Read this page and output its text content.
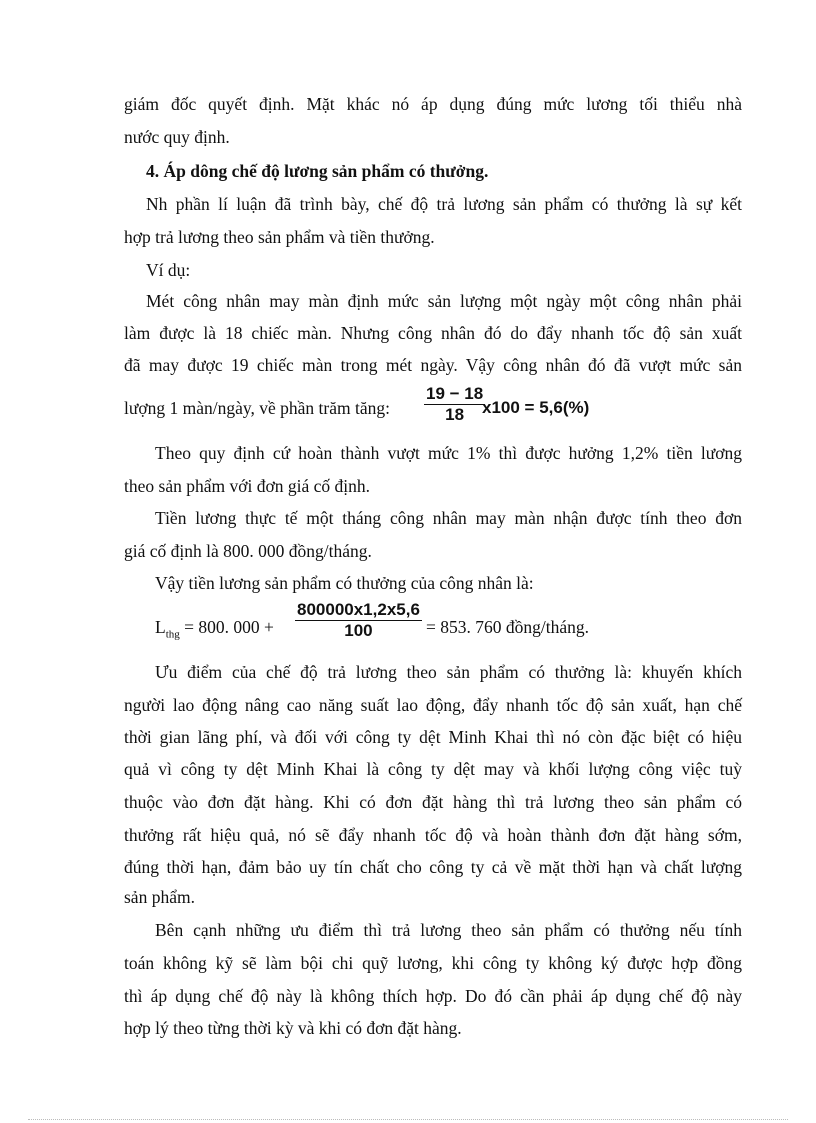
giám đốc quyết định. Mặt khác nó áp dụng đúng mức lương tối thiểu nhà
nước quy định.
4. Áp dông chế độ lương sản phẩm có thưởng.
Nh phần lí luận đã trình bày, chế độ trả lương sản phẩm có thưởng là sự kết
hợp trả lương theo sản phẩm và tiền thưởng.
Ví dụ:
Mét công nhân may màn định mức sản lượng một ngày một công nhân phải
làm được là 18 chiếc màn. Nhưng công nhân đó do đẩy nhanh tốc độ sản xuất
đã may được 19 chiếc màn trong mét ngày. Vậy công nhân đó đã vượt mức sản
lượng 1 màn/ngày, về phần trăm tăng:
19 − 18
18 x100 = 5,6(%)
Theo quy định cứ hoàn thành vượt mức 1% thì được hưởng 1,2% tiền lương
theo sản phẩm với đơn giá cố định.
Tiền lương thực tế một tháng công nhân may màn nhận được tính theo đơn
giá cố định là 800. 000 đồng/tháng.
Vậy tiền lương sản phẩm có thưởng của công nhân là:
$L_{thg} = 800$. 000 +
800000x1,2x5,6
100	= 853. 760 đồng/tháng.
Ưu điểm của chế độ trả lương theo sản phẩm có thưởng là: khuyến khích
người lao động nâng cao năng suất lao động, đẩy nhanh tốc độ sản xuất, hạn chế
thời gian lãng phí, và đối với công ty dệt Minh Khai thì nó còn đặc biệt có hiệu
quả vì công ty dệt Minh Khai là công ty dệt may và khối lượng công việc tuỳ
thuộc vào đơn đặt hàng. Khi có đơn đặt hàng thì trả lương theo sản phẩm có
thưởng rất hiệu quả, nó sẽ đẩy nhanh tốc độ và hoàn thành đơn đặt hàng sớm,
đúng thời hạn, đảm bảo uy tín chất cho công ty cả về mặt thời hạn và chất lượng
sản phẩm.
Bên cạnh những ưu điểm thì trả lương theo sản phẩm có thưởng nếu tính
toán không kỹ sẽ làm bội chi quỹ lương, khi công ty không ký được hợp đồng
thì áp dụng chế độ này là không thích hợp. Do đó cần phải áp dụng chế độ này
hợp lý theo từng thời kỳ và khi có đơn đặt hàng.
